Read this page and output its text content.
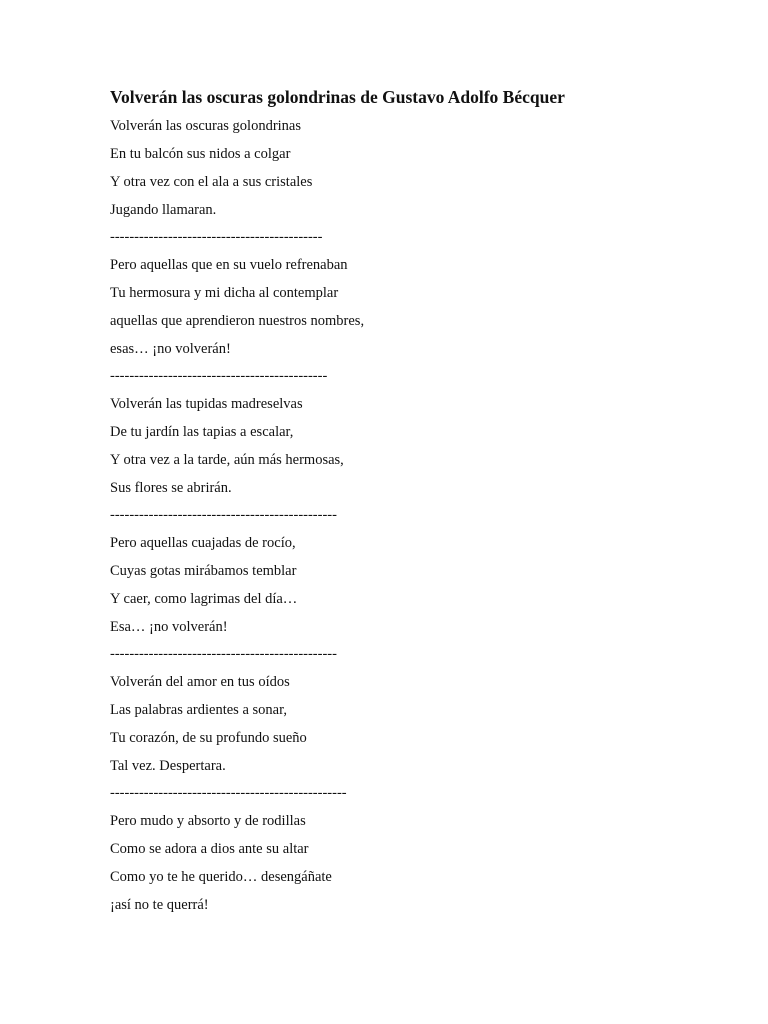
Volverán las oscuras golondrinas de Gustavo Adolfo Bécquer

Volverán las oscuras golondrinas

En tu balcón sus nidos a colgar

Y otra vez con el ala a sus cristales

Jugando llamaran.

--------------------------------------------

Pero aquellas que en su vuelo refrenaban

Tu hermosura y mi dicha al contemplar

aquellas que aprendieron nuestros nombres,

esas… ¡no volverán!

---------------------------------------------

Volverán las tupidas madreselvas

De tu jardín las tapias a escalar,

Y otra vez a la tarde, aún más hermosas,

Sus flores se abrirán.

-----------------------------------------------

Pero aquellas cuajadas de rocío,

Cuyas gotas mirábamos temblar

Y caer, como lagrimas del día…

Esa… ¡no volverán!

-----------------------------------------------

Volverán del amor en tus oídos

Las palabras ardientes a sonar,

Tu corazón, de su profundo sueño

Tal vez. Despertara.

-------------------------------------------------

Pero mudo y absorto y de rodillas

Como se adora a dios ante su altar

Como yo te he querido… desengáñate

¡así no te querrá!
